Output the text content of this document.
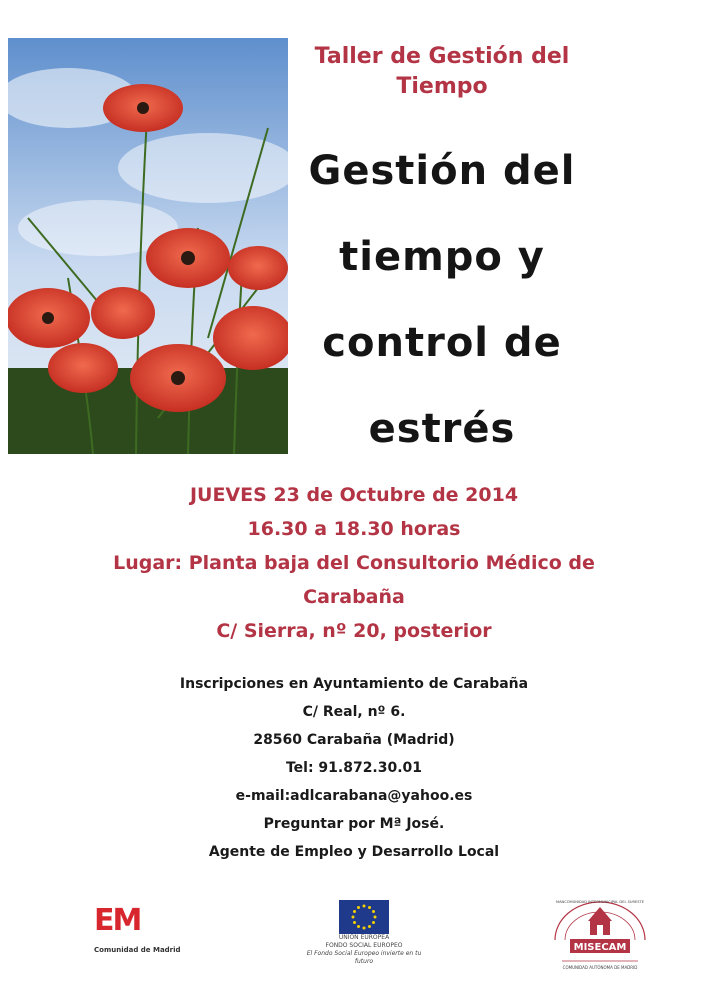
Taller de Gestión del
Tiempo
Gestión del
tiempo y
control de
estrés
JUEVES 23 de Octubre de 2014
16.30 a 18.30 horas
Lugar: Planta baja del Consultorio Médico de
Carabaña
C/ Sierra, nº 20, posterior
Inscripciones en Ayuntamiento de Carabaña
C/ Real, nº 6.
28560 Carabaña (Madrid)
Tel: 91.872.30.01
e-mail:adlcarabana@yahoo.es
Preguntar por Mª José.
Agente de Empleo y Desarrollo Local
EM

Comunidad de Madrid
UNIÓN EUROPEA
FONDO SOCIAL EUROPEO
El Fondo Social Europeo invierte en tu futuro
MISECAM
COMUNIDAD AUTÓNOMA DE MADRID
MANCOMUNIDAD INTERMUNICIPAL DEL SURESTE
